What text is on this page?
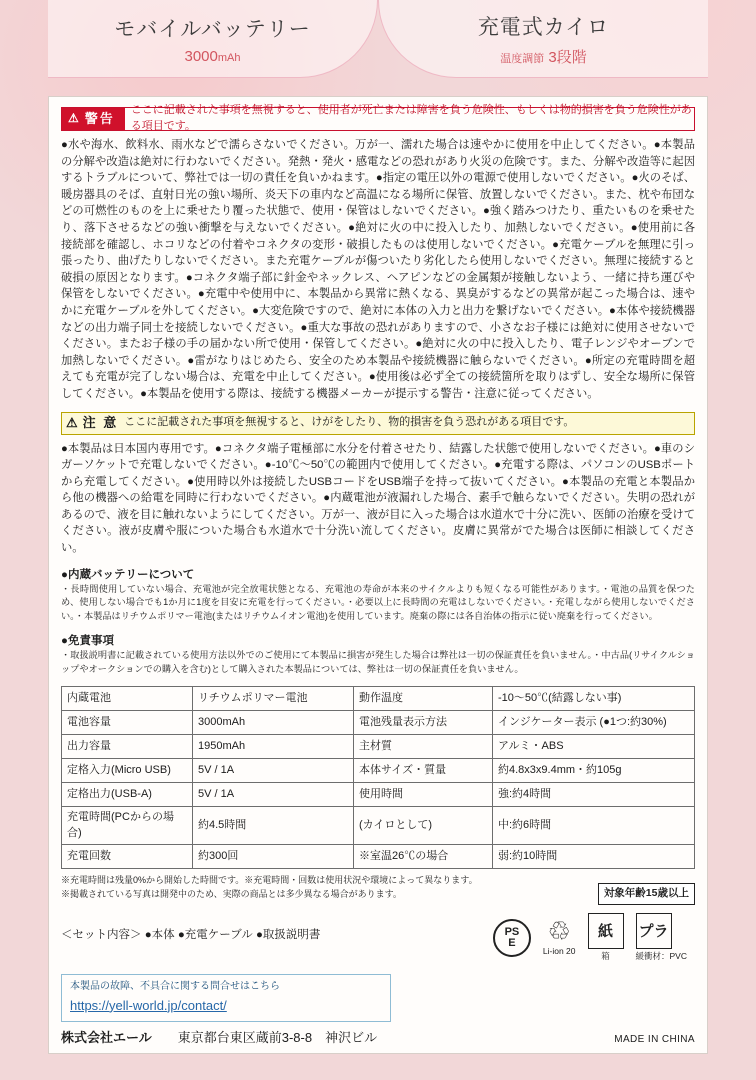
モバイルバッテリー
3000mAh
充電式カイロ
温度調節 3段階
⚠ 警告
ここに記載された事項を無視すると、使用者が死亡または障害を負う危険性、もしくは物的損害を負う危険性がある項目です。
●水や海水、飲料水、雨水などで濡らさないでください。万が一、濡れた場合は速やかに使用を中止してください。●本製品の分解や改造は絶対に行わないでください。発熱・発火・感電などの恐れがあり火災の危険です。また、分解や改造等に起因するトラブルについて、弊社では一切の責任を負いかねます。●指定の電圧以外の電源で使用しないでください。●火のそば、暖房器具のそば、直射日光の強い場所、炎天下の車内など高温になる場所に保管、放置しないでください。また、枕や布団などの可燃性のものを上に乗せたり覆った状態で、使用・保管はしないでください。●強く踏みつけたり、重たいものを乗せたり、落下させるなどの強い衝撃を与えないでください。●絶対に火の中に投入したり、加熱しないでください。●使用前に各接続部を確認し、ホコリなどの付着やコネクタの変形・破損したものは使用しないでください。●充電ケーブルを無理に引っ張ったり、曲げたりしないでください。また充電ケーブルが傷ついたり劣化したら使用しないでください。無理に接続すると破損の原因となります。●コネクタ端子部に針金やネックレス、ヘアピンなどの金属類が接触しないよう、一緒に持ち運びや保管をしないでください。●充電中や使用中に、本製品から異常に熱くなる、異臭がするなどの異常が起こった場合は、速やかに充電ケーブルを外してください。●大変危険ですので、絶対に本体の入力と出力を繋げないでください。●本体や接続機器などの出力端子同士を接続しないでください。●重大な事故の恐れがありますので、小さなお子様には絶対に使用させないでください。またお子様の手の届かない所で使用・保管してください。●絶対に火の中に投入したり、電子レンジやオーブンで加熱しないでください。●雷がなりはじめたら、安全のため本製品や接続機器に触らないでください。●所定の充電時間を超えても充電が完了しない場合は、充電を中止してください。●使用後は必ず全ての接続箇所を取りはずし、安全な場所に保管してください。●本製品を使用する際は、接続する機器メーカーが提示する警告・注意に従ってください。
⚠ 注 意 ここに記載された事項を無視すると、けがをしたり、物的損害を負う恐れがある項目です。
●本製品は日本国内専用です。●コネクタ端子電極部に水分を付着させたり、結露した状態で使用しないでください。●車のシガーソケットで充電しないでください。●-10℃〜50℃の範囲内で使用してください。●充電する際は、パソコンのUSBポートから充電してください。●使用時以外は接続したUSBコードをUSB端子を持って抜いてください。●本製品の充電と本製品から他の機器への給電を同時に行わないでください。●内蔵電池が液漏れした場合、素手で触らないでください。失明の恐れがあるので、液を目に触れないようにしてください。万が一、液が目に入った場合は水道水で十分に洗い、医師の治療を受けてください。液が皮膚や服についた場合も水道水で十分洗い流してください。皮膚に異常がでた場合は医師に相談してください。
●内蔵バッテリーについて
・長時間使用していない場合、充電池が完全放電状態となる、充電池の寿命が本来のサイクルよりも短くなる可能性があります。・電池の品質を保つため、使用しない場合でも1か月に1度を目安に充電を行ってください。・必要以上に長時間の充電はしないでください。・充電しながら使用しないでください。・本製品はリチウムポリマー電池(またはリチウムイオン電池)を使用しています。廃棄の際には各自治体の指示に従い廃棄を行ってください。
●免責事項
・取扱説明書に記載されている使用方法以外でのご使用にて本製品に損害が発生した場合は弊社は一切の保証責任を負いません。・中古品(リサイクルショップやオークションでの購入を含む)として購入された本製品については、弊社は一切の保証責任を負いません。
内蔵電池	リチウムポリマー電池	動作温度	-10〜50℃(結露しない事)
電池容量	3000mAh	電池残量表示方法	インジケーター表示 (●1つ:約30%)
出力容量	1950mAh	主材質	アルミ・ABS
定格入力(Micro USB)	5V / 1A	本体サイズ・質量	約4.8x3x9.4mm・約105g
定格出力(USB-A)	5V / 1A	使用時間	強:約4時間
充電時間(PCからの場合)	約4.5時間	(カイロとして)	中:約6時間
充電回数	約300回	※室温26℃の場合	弱:約10時間
※充電時間は残量0%から開始した時間です。※充電時間・回数は使用状況や環境によって異なります。
※掲載されている写真は開発中のため、実際の商品とは多少異なる場合があります。	対象年齢15歳以上
＜セット内容＞ ●本体 ●充電ケーブル ●取扱説明書	PS
E ♲
Li-ion 20
紙
箱
プラ
緩衝材：PVC
本製品の故障、不具合に関する問合せはこちら
https://yell-world.jp/contact/
株式会社エール 東京都台東区蔵前3-8-8　神沢ビル	MADE IN CHINA
